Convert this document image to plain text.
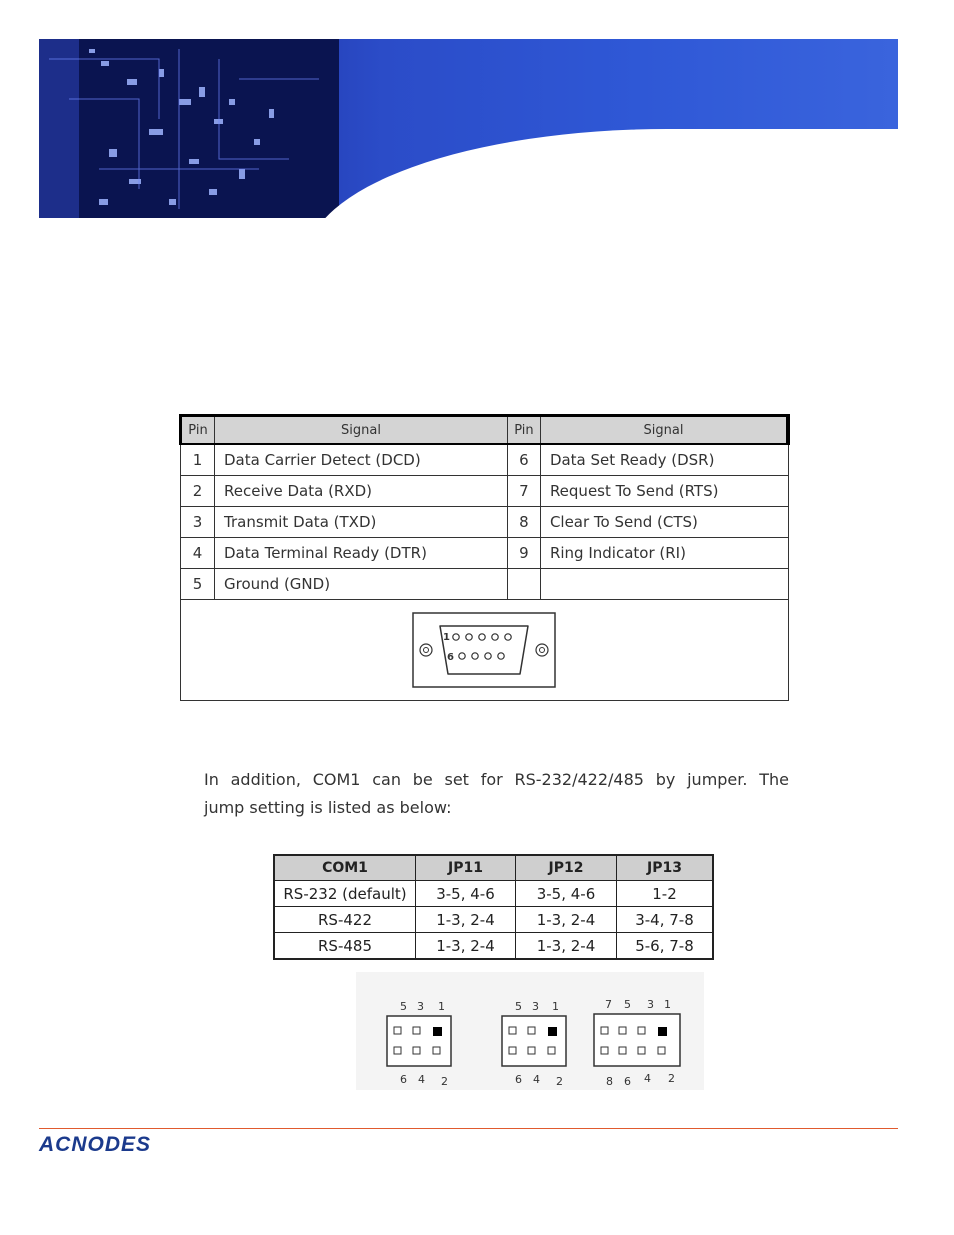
Pin	Signal	Pin	Signal
1	Data Carrier Detect (DCD)	6	Data Set Ready (DSR)
2	Receive Data (RXD)	7	Request To Send (RTS)
3	Transmit Data (TXD)	8	Clear To Send (CTS)
4	Data Terminal Ready (DTR)	9	Ring Indicator (RI)
5	Ground (GND)		

1
6			
In addition, COM1 can be set for RS-232/422/485 by jumper. The
jump setting is listed as below:
COM1	JP11	JP12	JP13
RS-232 (default)	3-5, 4-6	3-5, 4-6	1-2
RS-422	1-3, 2-4	1-3, 2-4	3-4, 7-8
RS-485	1-3, 2-4	1-3, 2-4	5-6, 7-8
5 3 1
6 4 2
5 3 1
6 4 2
7 5 3 1
8 6 4 2
ACNODES
